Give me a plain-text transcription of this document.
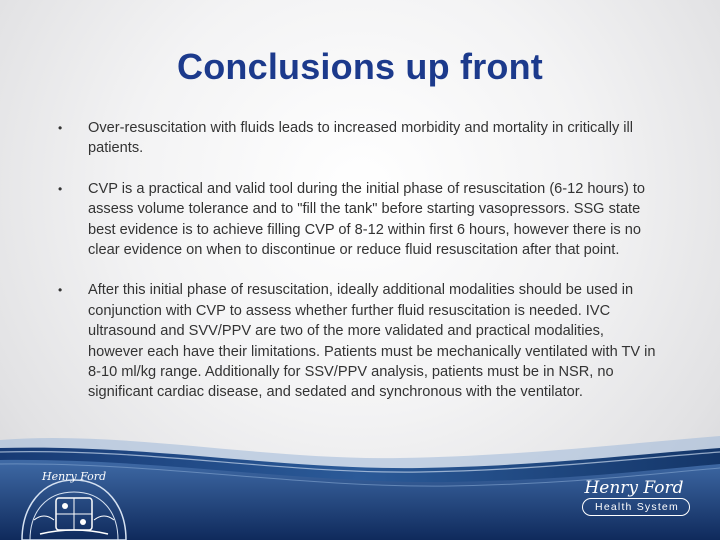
Conclusions up front
• Over-resuscitation with fluids leads to increased morbidity and mortality in critically ill patients.
• CVP is a practical and valid tool during the initial phase of resuscitation (6-12 hours) to assess volume tolerance and to "fill the tank" before starting vasopressors. SSG state best evidence is to achieve filling CVP of 8-12 within first 6 hours, however there is no clear evidence on when to discontinue or reduce fluid resuscitation after that point.
• After this initial phase of resuscitation, ideally additional modalities should be used in conjunction with CVP to assess whether further fluid resuscitation is needed. IVC ultrasound and SVV/PPV are two of the more validated and practical modalities, however each have their limitations. Patients must be mechanically ventilated with TV in 8-10 ml/kg range. Additionally for SSV/PPV analysis, patients must be in NSR, no significant cardiac disease, and sedated and synchronous with the ventilator.
Henry Ford
Henry Ford
Health System
